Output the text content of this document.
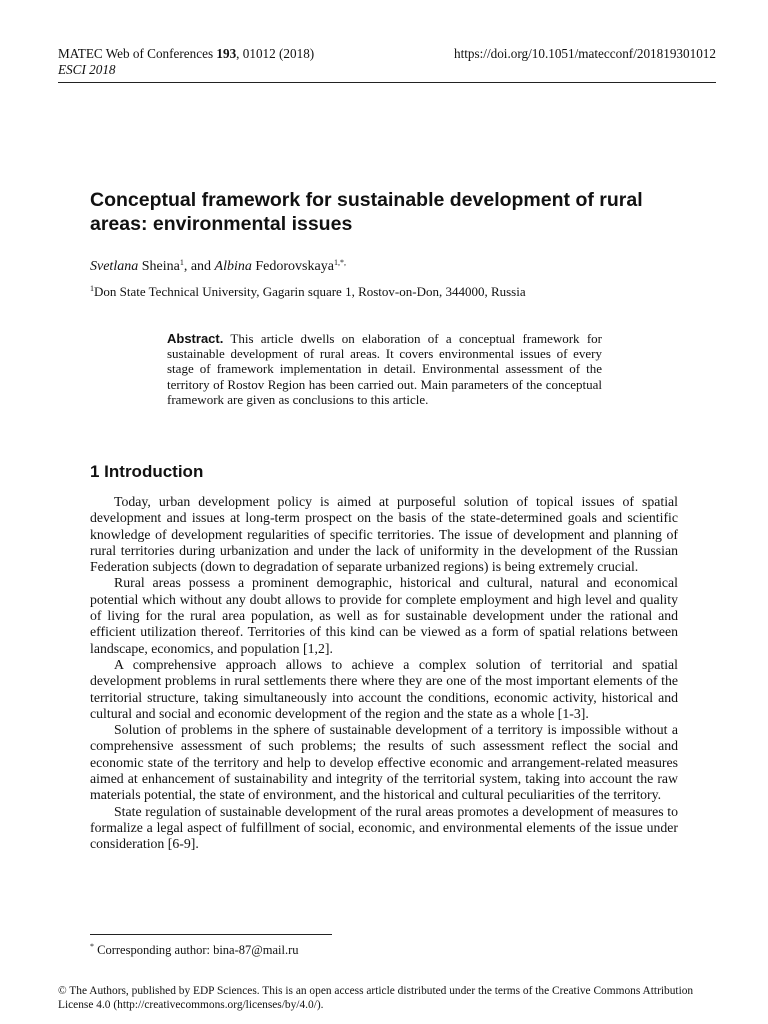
MATEC Web of Conferences 193, 01012 (2018)	https://doi.org/10.1051/matecconf/201819301012
ESCI 2018
Conceptual framework for sustainable development of rural areas: environmental issues
Svetlana Sheina$^1$, and Albina Fedorovskaya$^{1,*,}$
$^1$Don State Technical University, Gagarin square 1, Rostov-on-Don, 344000, Russia
Abstract. This article dwells on elaboration of a conceptual framework for sustainable development of rural areas. It covers environmental issues of every stage of framework implementation in detail. Environmental assessment of the territory of Rostov Region has been carried out. Main parameters of the conceptual framework are given as conclusions to this article.
1 Introduction

Today, urban development policy is aimed at purposeful solution of topical issues of spatial development and issues at long-term prospect on the basis of the state-determined goals and scientific knowledge of development regularities of specific territories. The issue of development and planning of rural territories during urbanization and under the lack of uniformity in the development of the Russian Federation subjects (down to degradation of separate urbanized regions) is being extremely crucial.

Rural areas possess a prominent demographic, historical and cultural, natural and economical potential which without any doubt allows to provide for complete employment and high level and quality of living for the rural area population, as well as for sustainable development under the rational and efficient utilization thereof. Territories of this kind can be viewed as a form of spatial relations between landscape, economics, and population [1,2].

A comprehensive approach allows to achieve a complex solution of territorial and spatial development problems in rural settlements there where they are one of the most important elements of the territorial structure, taking simultaneously into account the conditions, economic activity, historical and cultural and social and economic development of the region and the state as a whole [1-3].

Solution of problems in the sphere of sustainable development of a territory is impossible without a comprehensive assessment of such problems; the results of such assessment reflect the social and economic state of the territory and help to develop effective economic and arrangement-related measures aimed at enhancement of sustainability and integrity of the territorial system, taking into account the raw materials potential, the state of environment, and the historical and cultural peculiarities of the territory.

State regulation of sustainable development of the rural areas promotes a development of measures to formalize a legal aspect of fulfillment of social, economic, and environmental elements of the issue under consideration [6-9].

* Corresponding author: bina-87@mail.ru
© The Authors, published by EDP Sciences. This is an open access article distributed under the terms of the Creative Commons Attribution License 4.0 (http://creativecommons.org/licenses/by/4.0/).
